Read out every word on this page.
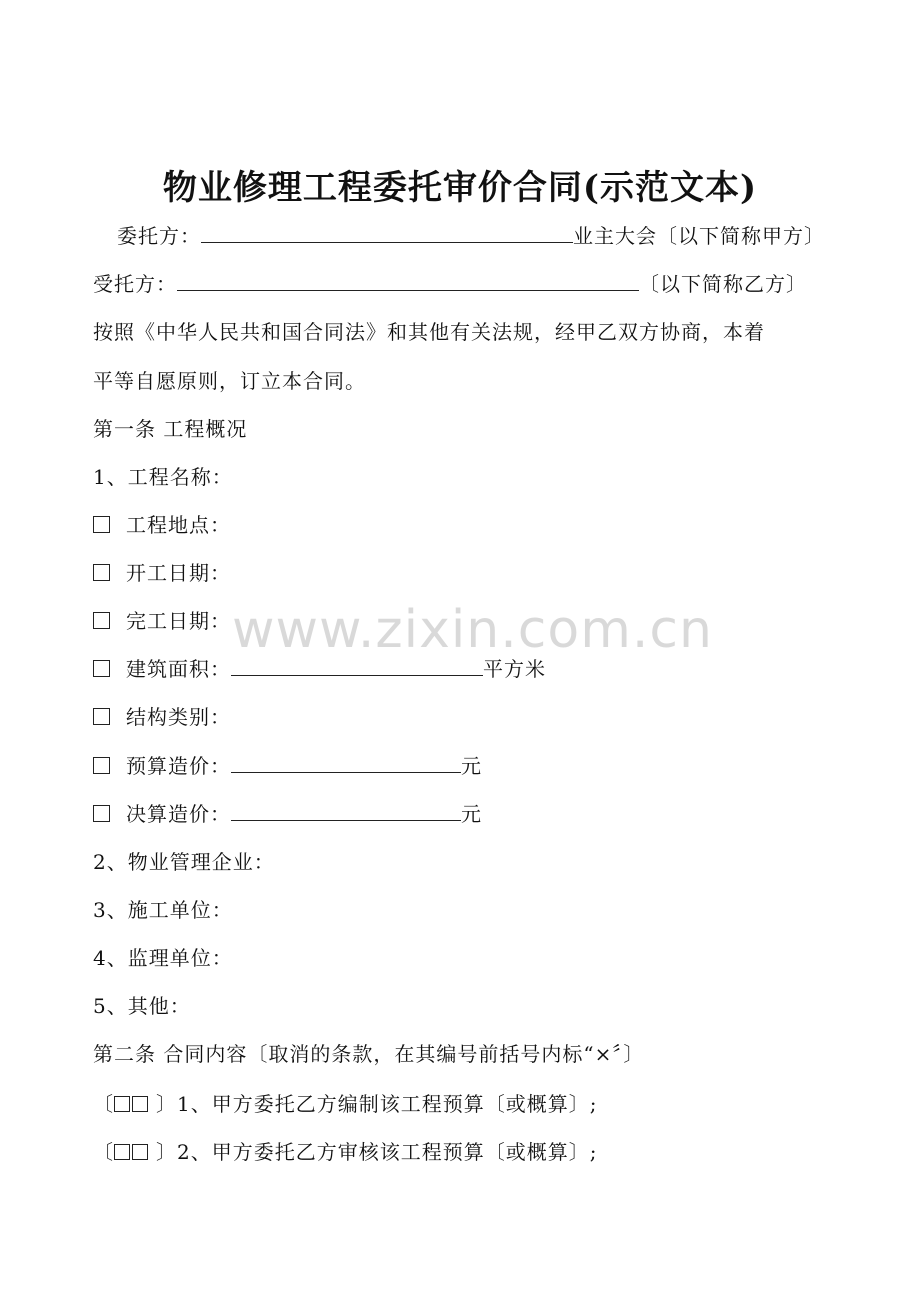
物业修理工程委托审价合同(示范文本)
委托方：	业主大会〔以下简称甲方〕
受托方：	〔以下简称乙方〕
按照《中华人民共和国合同法》和其他有关法规，经甲乙双方协商，本着
平等自愿原则，订立本合同。
第一条 工程概况
1、工程名称：
工程地点：
开工日期：
完工日期：
建筑面积：	平方米
结构类别：
预算造价：	元
决算造价：	元
2、物业管理企业：
3、施工单位：
4、监理单位：
5、其他：
第二条 合同内容〔取消的条款，在其编号前括号内标“×〞〕
〔 〕1、甲方委托乙方编制该工程预算〔或概算〕;
〔 〕2、甲方委托乙方审核该工程预算〔或概算〕;
www.zixin.com.cn
